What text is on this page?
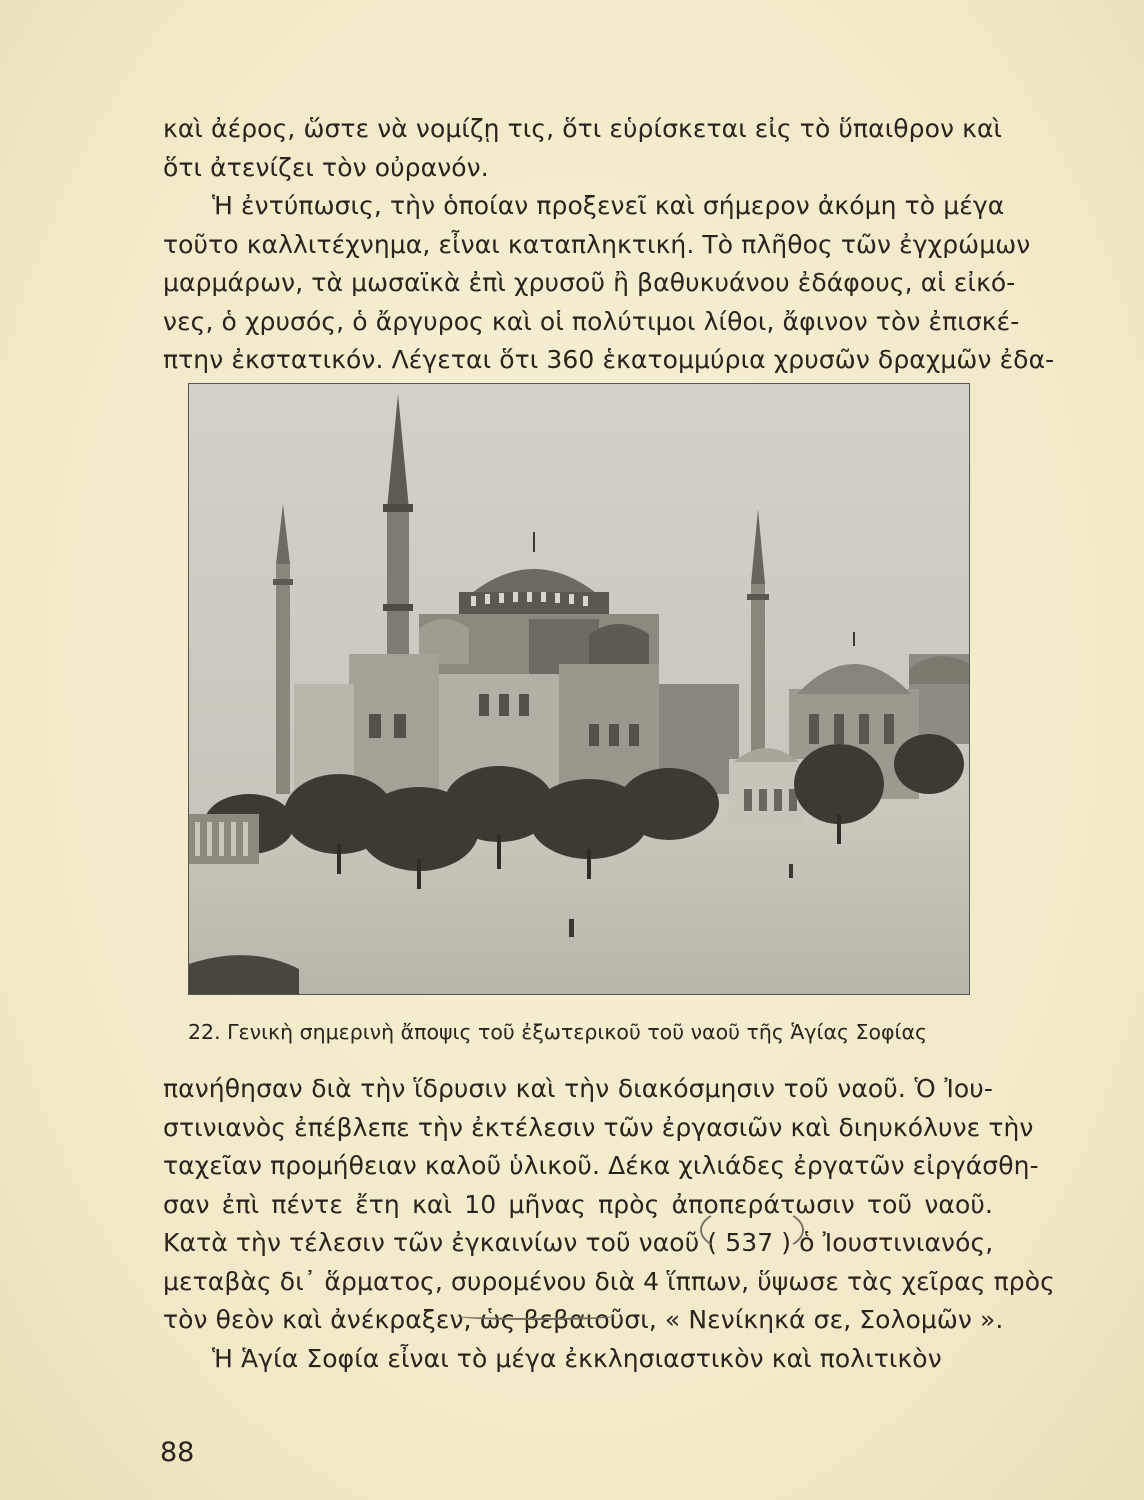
καὶ ἀέρος, ὥστε νὰ νομίζῃ τις, ὅτι εὑρίσκεται εἰς τὸ ὕπαιθρον καὶ
ὅτι ἀτενίζει τὸν οὐρανόν.
Ἡ ἐντύπωσις, τὴν ὁποίαν προξενεῖ καὶ σήμερον ἀκόμη τὸ μέγα
τοῦτο καλλιτέχνημα, εἶναι καταπληκτική. Τὸ πλῆθος τῶν ἐγχρώμων
μαρμάρων, τὰ μωσαϊκὰ ἐπὶ χρυσοῦ ἢ βαθυκυάνου ἐδάφους, αἱ εἰκό-
νες, ὁ χρυσός, ὁ ἄργυρος καὶ οἱ πολύτιμοι λίθοι, ἄφινον τὸν ἐπισκέ-
πτην ἐκστατικόν. Λέγεται ὅτι 360 ἑκατομμύρια χρυσῶν δραχμῶν ἐδα-
22. Γενικὴ σημερινὴ ἄποψις τοῦ ἐξωτερικοῦ τοῦ ναοῦ τῆς Ἁγίας Σοφίας
πανήθησαν διὰ τὴν ἵδρυσιν καὶ τὴν διακόσμησιν τοῦ ναοῦ. Ὁ Ἰου-
στινιανὸς ἐπέβλεπε τὴν ἐκτέλεσιν τῶν ἐργασιῶν καὶ διηυκόλυνε τὴν
ταχεῖαν προμήθειαν καλοῦ ὑλικοῦ. Δέκα χιλιάδες ἐργατῶν εἰργάσθη-
σαν ἐπὶ πέντε ἔτη καὶ 10 μῆνας πρὸς ἀποπεράτωσιν τοῦ ναοῦ.
Κατὰ τὴν τέλεσιν τῶν ἐγκαινίων τοῦ ναοῦ ( 537 ) ὁ Ἰουστινιανός,
μεταβὰς δι᾽ ἅρματος, συρομένου διὰ 4 ἵππων, ὕψωσε τὰς χεῖρας πρὸς
τὸν θεὸν καὶ ἀνέκραξεν, ὡς βεβαιοῦσι, « Νενίκηκά σε, Σολομῶν ».
Ἡ Ἁγία Σοφία εἶναι τὸ μέγα ἐκκλησιαστικὸν καὶ πολιτικὸν
88
